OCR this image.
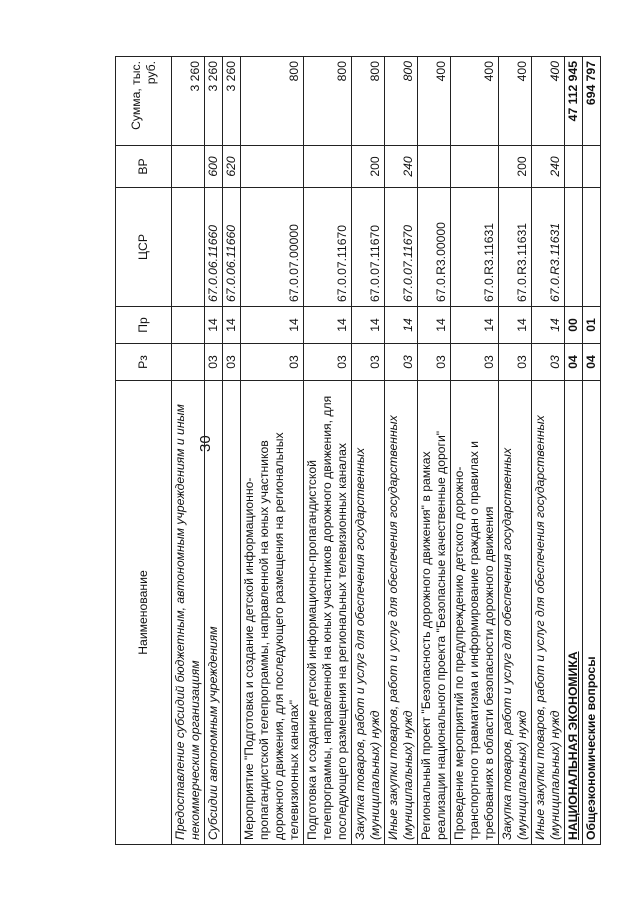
30
Наименование	Рз	Пр	ЦСР	ВР	Сумма, тыс. руб.
Предоставление субсидий бюджетным, автономным учреждениям и иным некоммерческим организациям					3 260
Субсидии автономным учреждениям	03	14	67.0.06.11660	600	3 260
	03	14	67.0.06.11660	620	3 260
Мероприятие "Подготовка и создание детской информационно-пропагандистской телепрограммы, направленной на юных участников дорожного движения, для последующего размещения на региональных телевизионных каналах"	03	14	67.0.07.00000		800
Подготовка и создание детской информационно-пропагандистской телепрограммы, направленной на юных участников дорожного движения, для последующего размещения на региональных телевизионных каналах	03	14	67.0.07.11670		800
Закупка товаров, работ и услуг для обеспечения государственных (муниципальных) нужд	03	14	67.0.07.11670	200	800
Иные закупки товаров, работ и услуг для обеспечения государственных (муниципальных) нужд	03	14	67.0.07.11670	240	800
Региональный проект "Безопасность дорожного движения" в рамках реализации национального проекта "Безопасные качественные дороги"	03	14	67.0.R3.00000		400
Проведение мероприятий по предупреждению детского дорожно-транспортного травматизма и информирование граждан о правилах и требованиях в области безопасности дорожного движения	03	14	67.0.R3.11631		400
Закупка товаров, работ и услуг для обеспечения государственных (муниципальных) нужд	03	14	67.0.R3.11631	200	400
Иные закупки товаров, работ и услуг для обеспечения государственных (муниципальных) нужд	03	14	67.0.R3.11631	240	400
НАЦИОНАЛЬНАЯ ЭКОНОМИКА	04	00			47 112 945
Общеэкономические вопросы	04	01			694 797
